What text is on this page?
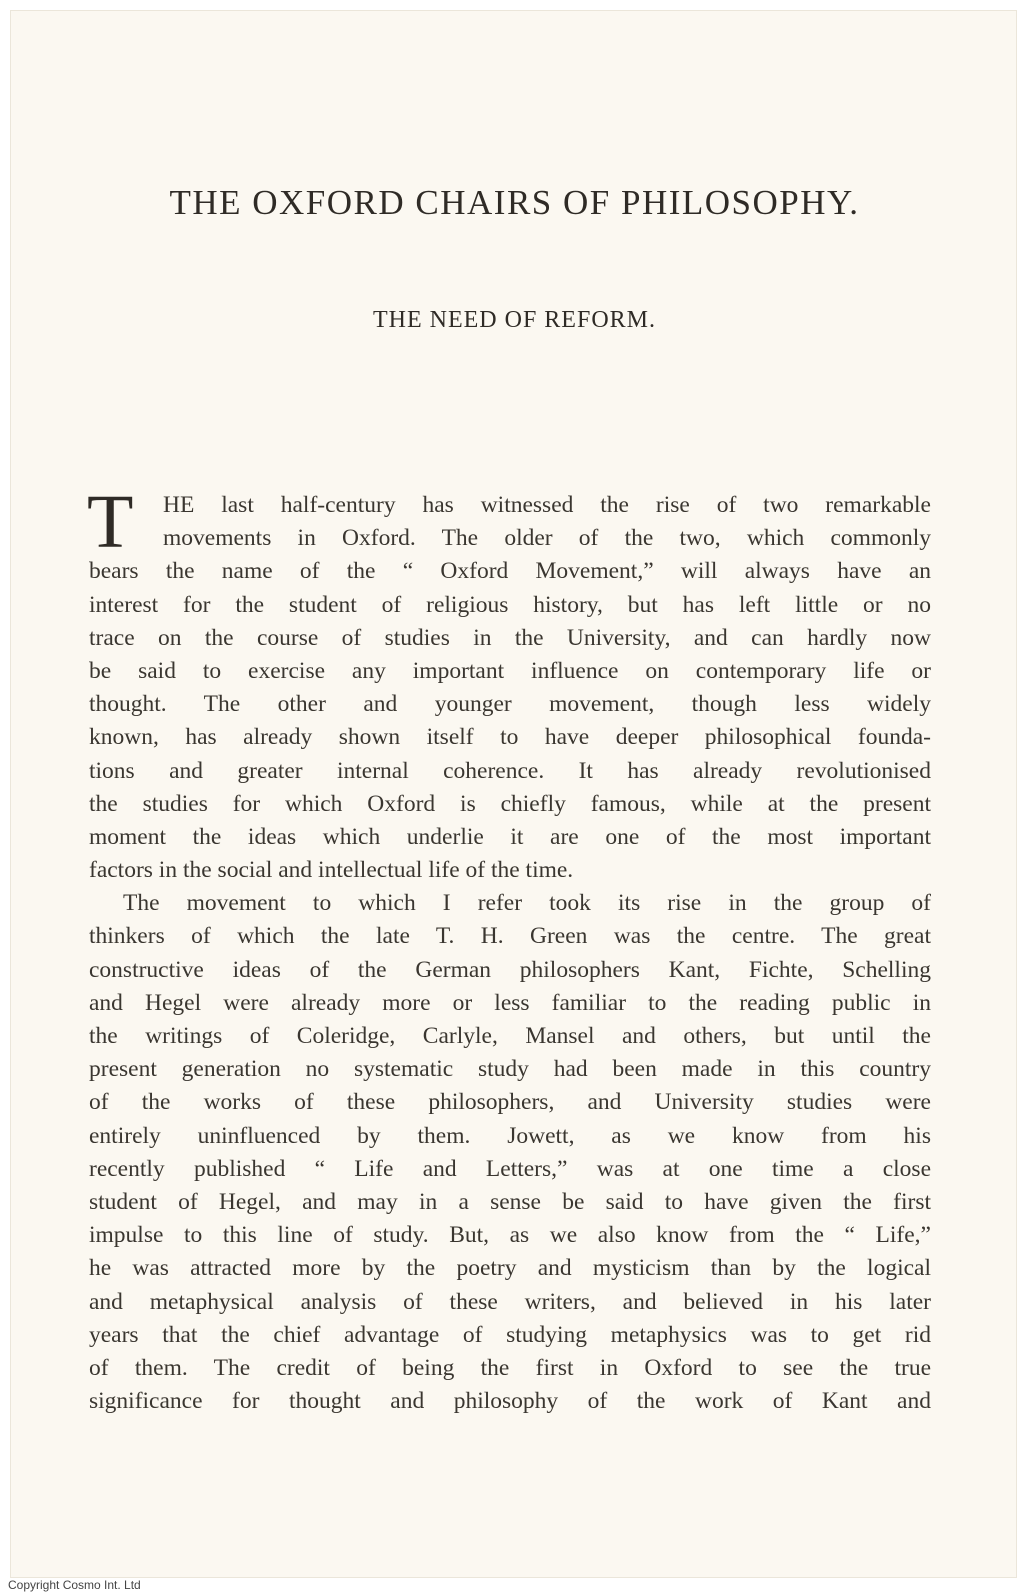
THE OXFORD CHAIRS OF PHILOSOPHY.
THE NEED OF REFORM.
T	HE last half-century has witnessed the rise of two remarkable
movements in Oxford. The older of the two, which commonly
bears the name of the “ Oxford Movement,” will always have an
interest for the student of religious history, but has left little or no
trace on the course of studies in the University, and can hardly now
be said to exercise any important influence on contemporary life or
thought. The other and younger movement, though less widely
known, has already shown itself to have deeper philosophical founda-
tions and greater internal coherence. It has already revolutionised
the studies for which Oxford is chiefly famous, while at the present
moment the ideas which underlie it are one of the most important
factors in the social and intellectual life of the time.
The movement to which I refer took its rise in the group of
thinkers of which the late T. H. Green was the centre. The great
constructive ideas of the German philosophers Kant, Fichte, Schelling
and Hegel were already more or less familiar to the reading public in
the writings of Coleridge, Carlyle, Mansel and others, but until the
present generation no systematic study had been made in this country
of the works of these philosophers, and University studies were
entirely uninfluenced by them. Jowett, as we know from his
recently published “ Life and Letters,” was at one time a close
student of Hegel, and may in a sense be said to have given the first
impulse to this line of study. But, as we also know from the “ Life,”
he was attracted more by the poetry and mysticism than by the logical
and metaphysical analysis of these writers, and believed in his later
years that the chief advantage of studying metaphysics was to get rid
of them. The credit of being the first in Oxford to see the true
significance for thought and philosophy of the work of Kant and
Copyright Cosmo Int. Ltd
